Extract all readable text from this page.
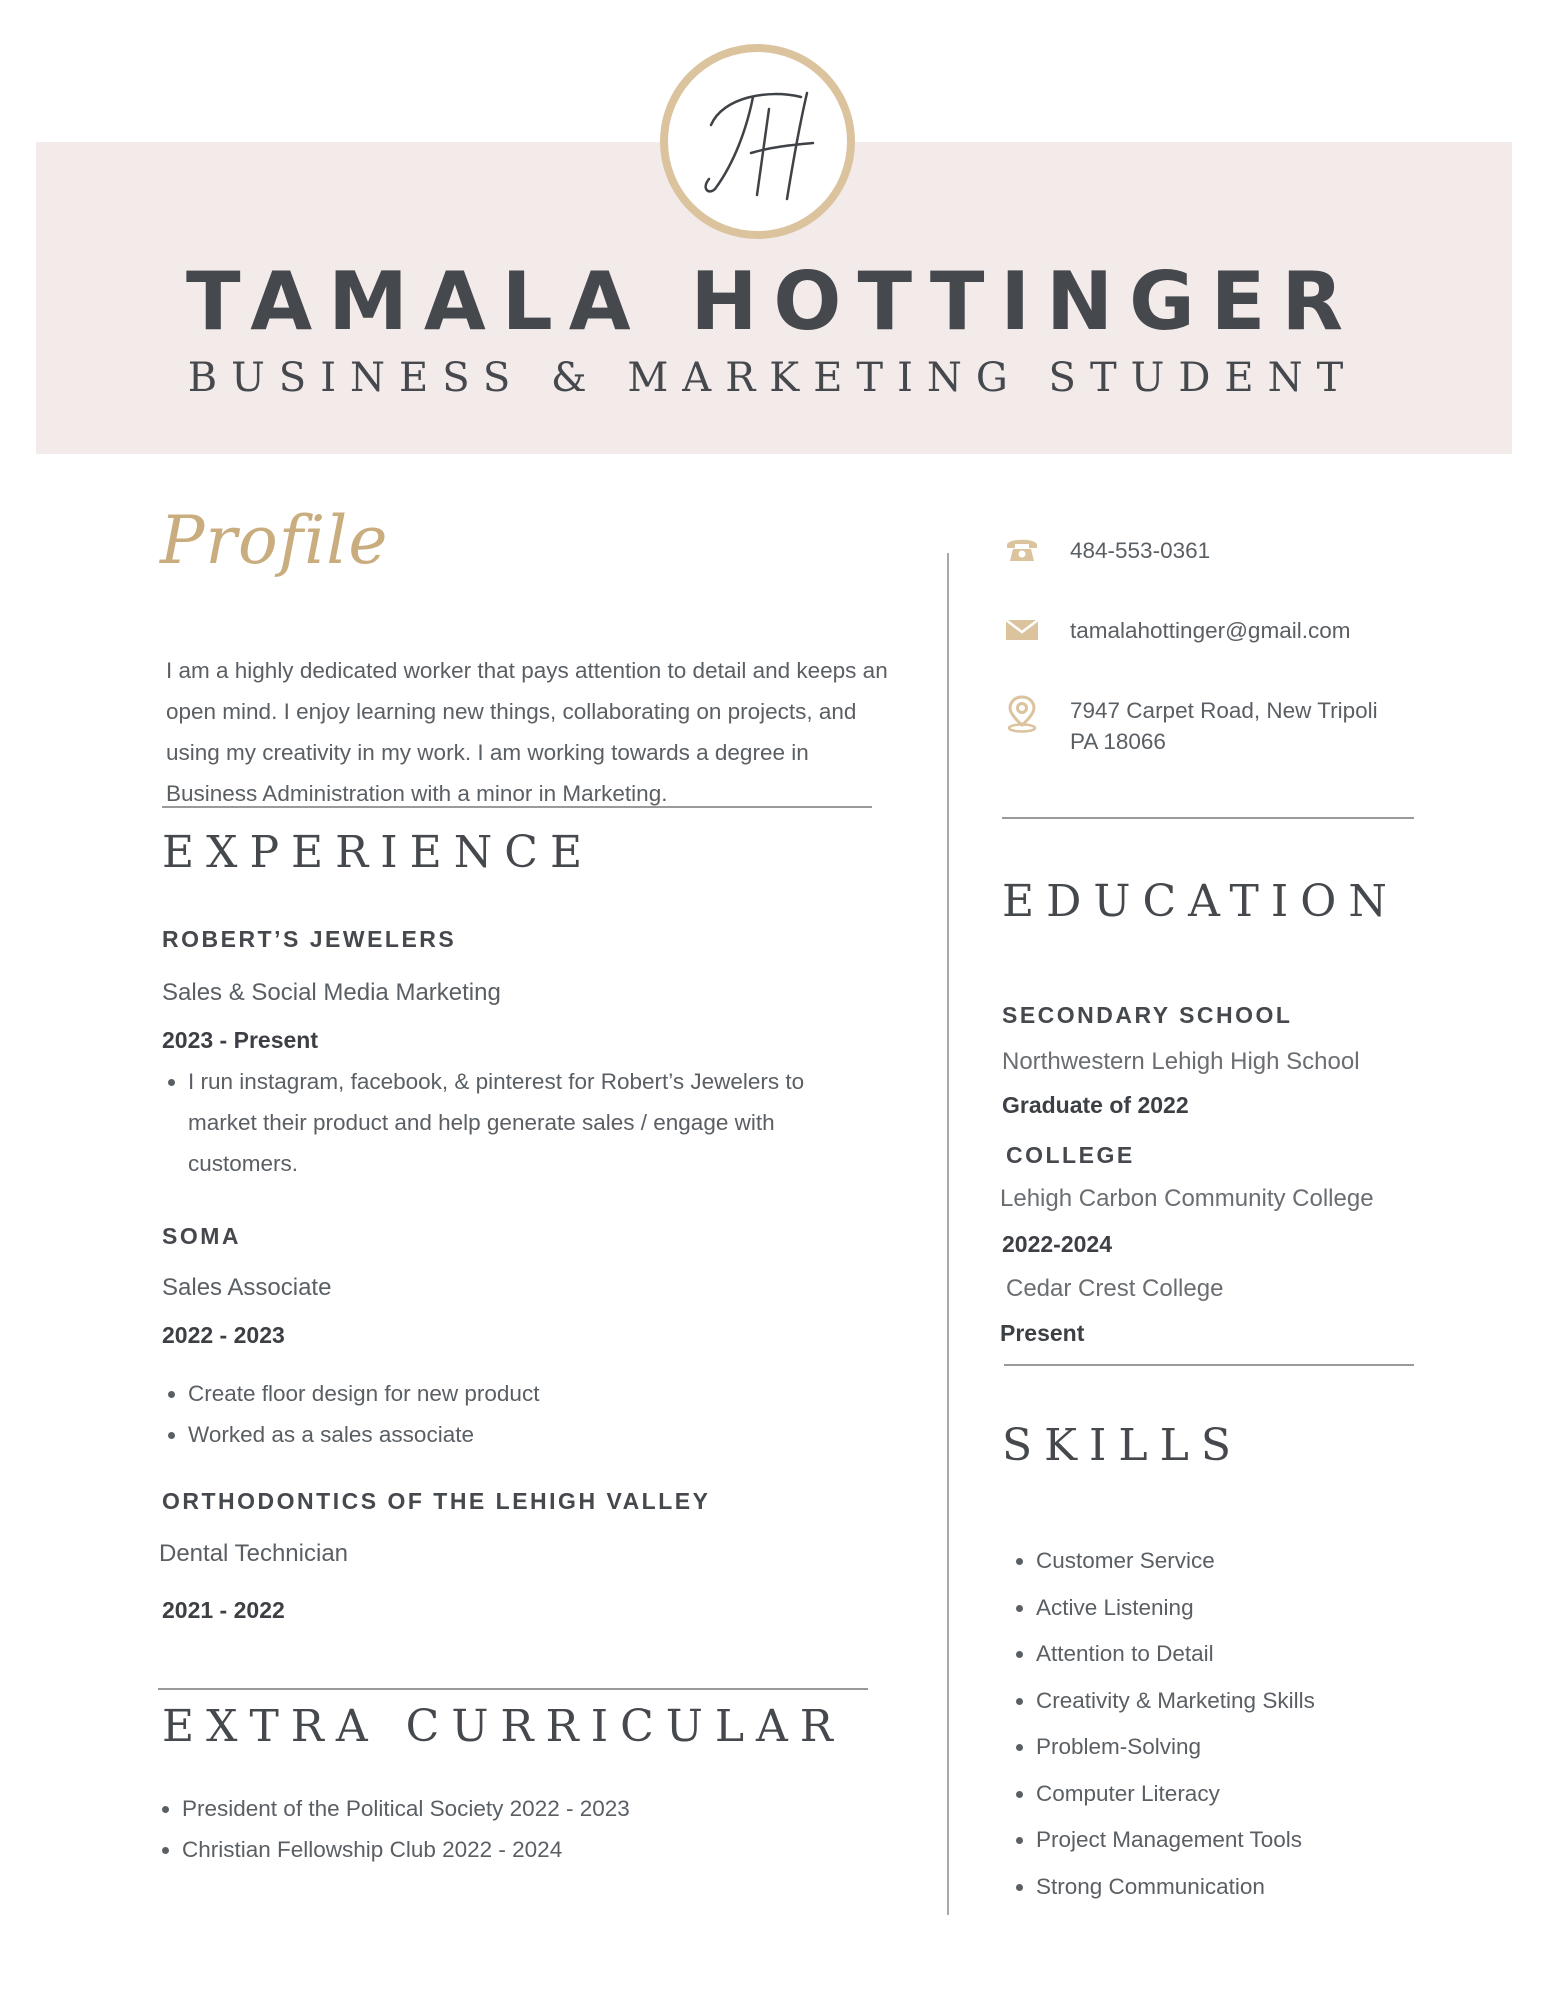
TAMALA HOTTINGER
BUSINESS & MARKETING STUDENT
Profile
I am a highly dedicated worker that pays attention to detail and keeps an open mind. I enjoy learning new things, collaborating on projects, and using my creativity in my work. I am working towards a degree in Business Administration with a minor in Marketing.
EXPERIENCE
ROBERT’S JEWELERS
Sales & Social Media Marketing
2023 - Present
• I run instagram, facebook, & pinterest for Robert’s Jewelers to market their product and help generate sales / engage with customers.
SOMA
Sales Associate
2022 - 2023
• Create floor design for new product
• Worked as a sales associate
ORTHODONTICS OF THE LEHIGH VALLEY
Dental Technician
2021 - 2022
EXTRA CURRICULAR
• President of the Political Society 2022 - 2023
• Christian Fellowship Club 2022 - 2024
484-553-0361
tamalahottinger@gmail.com
7947 Carpet Road, New Tripoli
PA 18066
EDUCATION
SECONDARY SCHOOL
Northwestern Lehigh High School
Graduate of 2022
COLLEGE
Lehigh Carbon Community College
2022-2024
Cedar Crest College
Present
SKILLS
• Customer Service
• Active Listening
• Attention to Detail
• Creativity & Marketing Skills
• Problem-Solving
• Computer Literacy
• Project Management Tools
• Strong Communication
